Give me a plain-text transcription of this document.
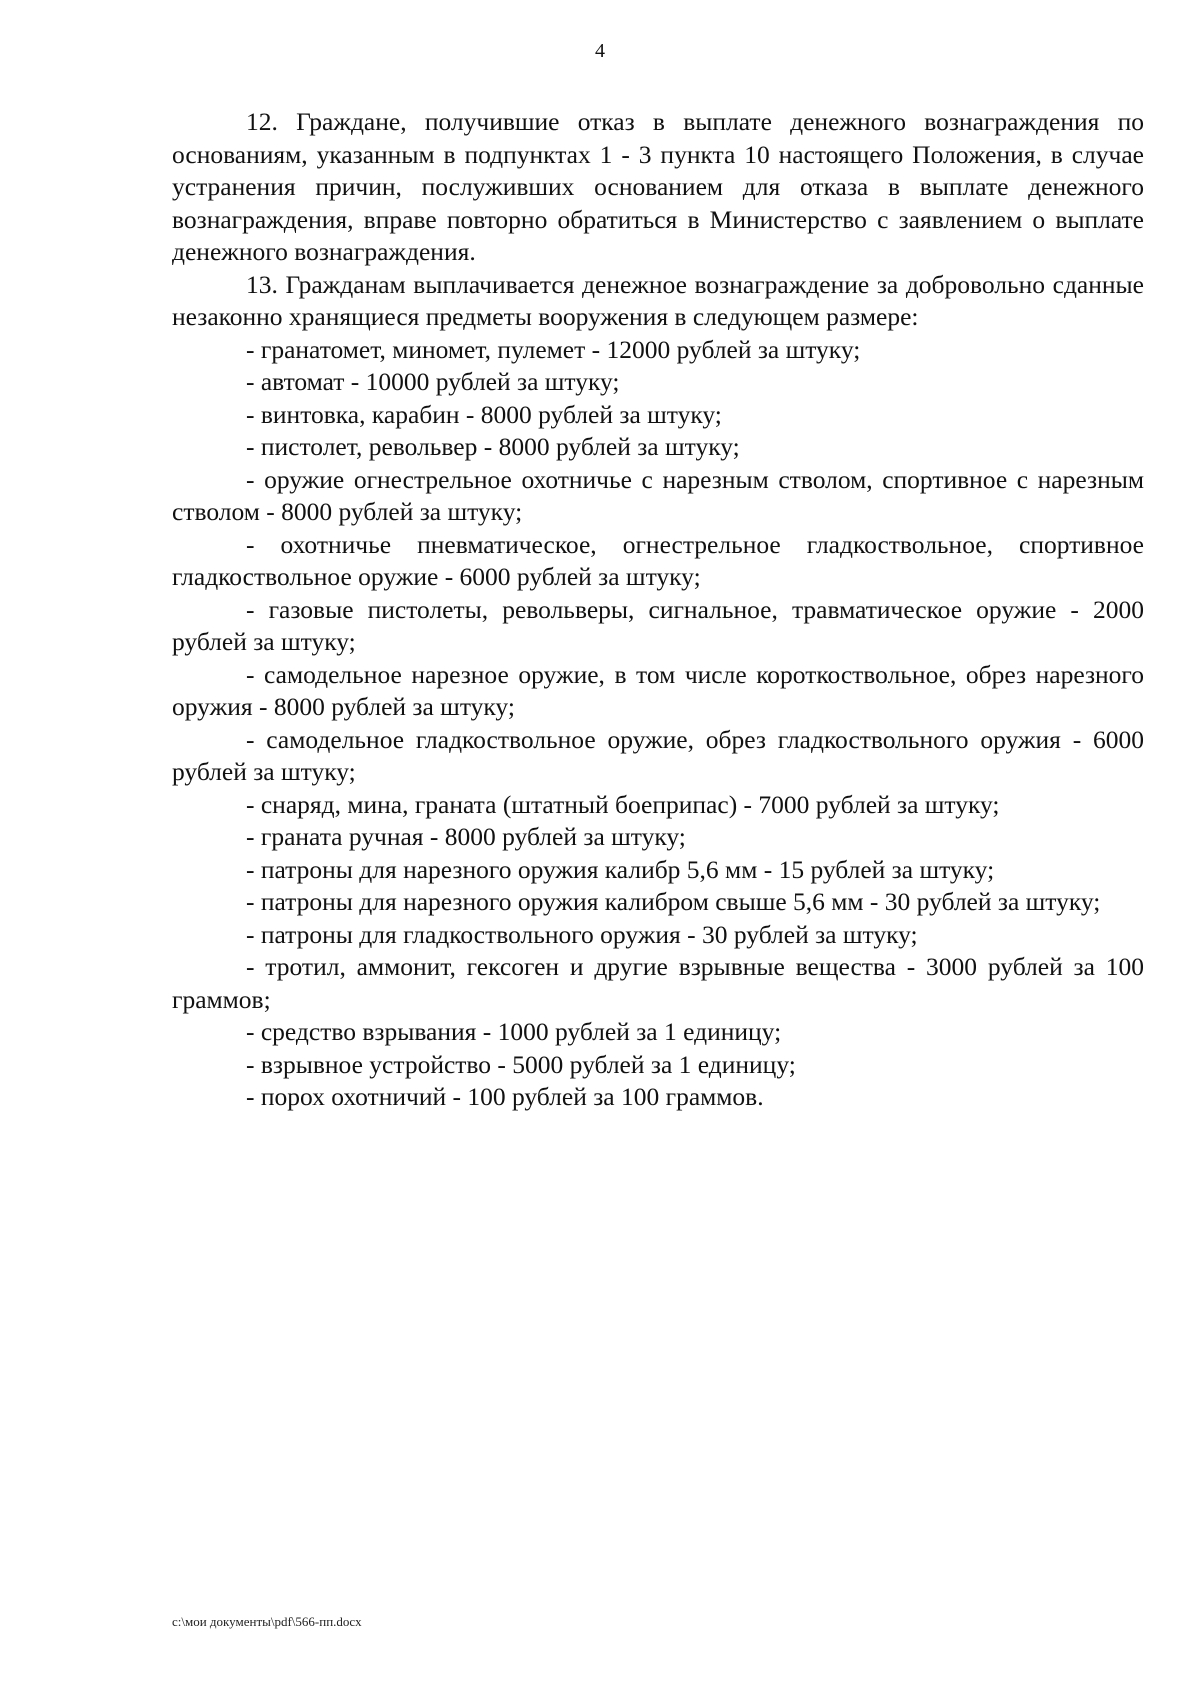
4

12. Граждане, получившие отказ в выплате денежного вознаграждения по основаниям, указанным в подпунктах 1 - 3 пункта 10 настоящего Положения, в случае устранения причин, послуживших основанием для отказа в выплате денежного вознаграждения, вправе повторно обратиться в Министерство с заявлением о выплате денежного вознаграждения.

13. Гражданам выплачивается денежное вознаграждение за добровольно сданные незаконно хранящиеся предметы вооружения в следующем размере:

- гранатомет, миномет, пулемет - 12000 рублей за штуку;

- автомат - 10000 рублей за штуку;

- винтовка, карабин - 8000 рублей за штуку;

- пистолет, револьвер - 8000 рублей за штуку;

- оружие огнестрельное охотничье с нарезным стволом, спортивное с нарезным стволом - 8000 рублей за штуку;

- охотничье пневматическое, огнестрельное гладкоствольное, спортивное гладкоствольное оружие - 6000 рублей за штуку;

- газовые пистолеты, револьверы, сигнальное, травматическое оружие - 2000 рублей за штуку;

- самодельное нарезное оружие, в том числе короткоствольное, обрез нарезного оружия - 8000 рублей за штуку;

- самодельное гладкоствольное оружие, обрез гладкоствольного оружия - 6000 рублей за штуку;

- снаряд, мина, граната (штатный боеприпас) - 7000 рублей за штуку;

- граната ручная - 8000 рублей за штуку;

- патроны для нарезного оружия калибр 5,6 мм - 15 рублей за штуку;

- патроны для нарезного оружия калибром свыше 5,6 мм - 30 рублей за штуку;

- патроны для гладкоствольного оружия - 30 рублей за штуку;

- тротил, аммонит, гексоген и другие взрывные вещества - 3000 рублей за 100 граммов;

- средство взрывания - 1000 рублей за 1 единицу;

- взрывное устройство - 5000 рублей за 1 единицу;

- порох охотничий - 100 рублей за 100 граммов.

c:\мои документы\pdf\566-пп.docx
